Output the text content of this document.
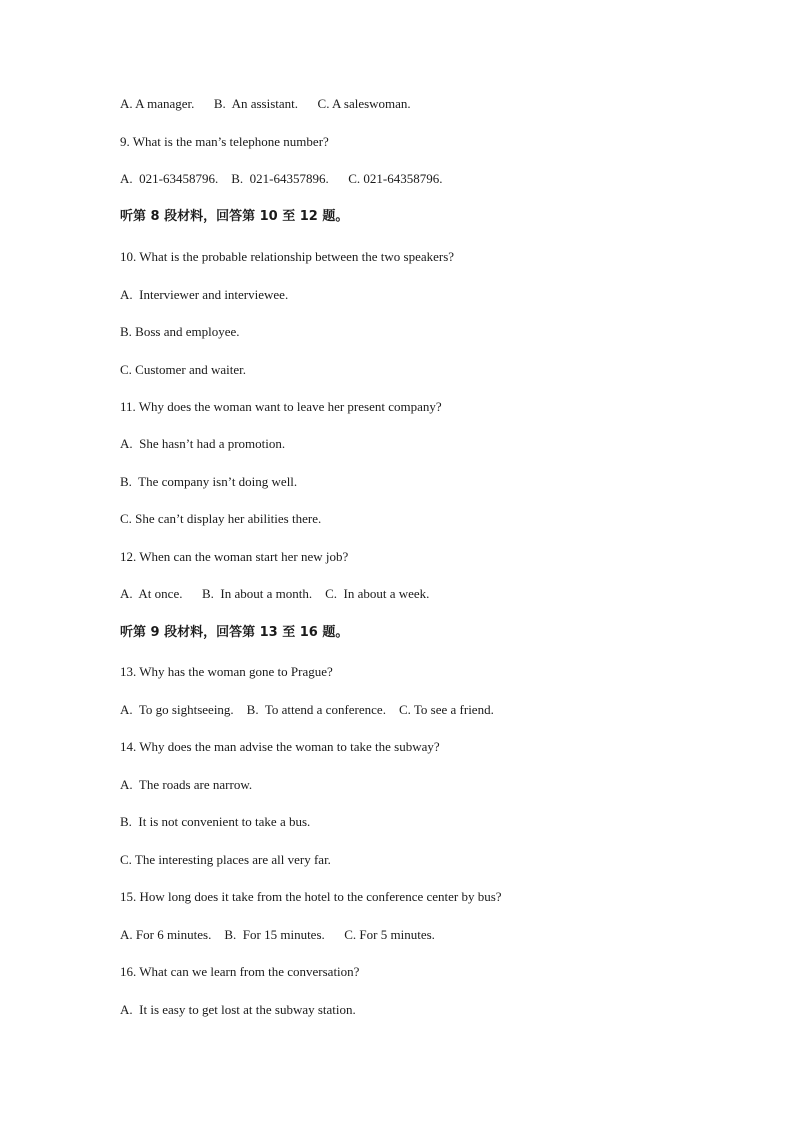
A. A manager.      B.  An assistant.      C. A saleswoman.
9. What is the man’s telephone number?
A.  021-63458796.    B.  021-64357896.      C. 021-64358796.
听第 8 段材料，回答第 10 至 12 题。
10. What is the probable relationship between the two speakers?
A.  Interviewer and interviewee.
B. Boss and employee.
C. Customer and waiter.
11. Why does the woman want to leave her present company?
A.  She hasn’t had a promotion.
B.  The company isn’t doing well.
C. She can’t display her abilities there.
12. When can the woman start her new job?
A.  At once.      B.  In about a month.    C.  In about a week.
听第 9 段材料，回答第 13 至 16 题。
13. Why has the woman gone to Prague?
A.  To go sightseeing.    B.  To attend a conference.    C. To see a friend.
14. Why does the man advise the woman to take the subway?
A.  The roads are narrow.
B.  It is not convenient to take a bus.
C. The interesting places are all very far.
15. How long does it take from the hotel to the conference center by bus?
A. For 6 minutes.    B.  For 15 minutes.      C. For 5 minutes.
16. What can we learn from the conversation?
A.  It is easy to get lost at the subway station.
